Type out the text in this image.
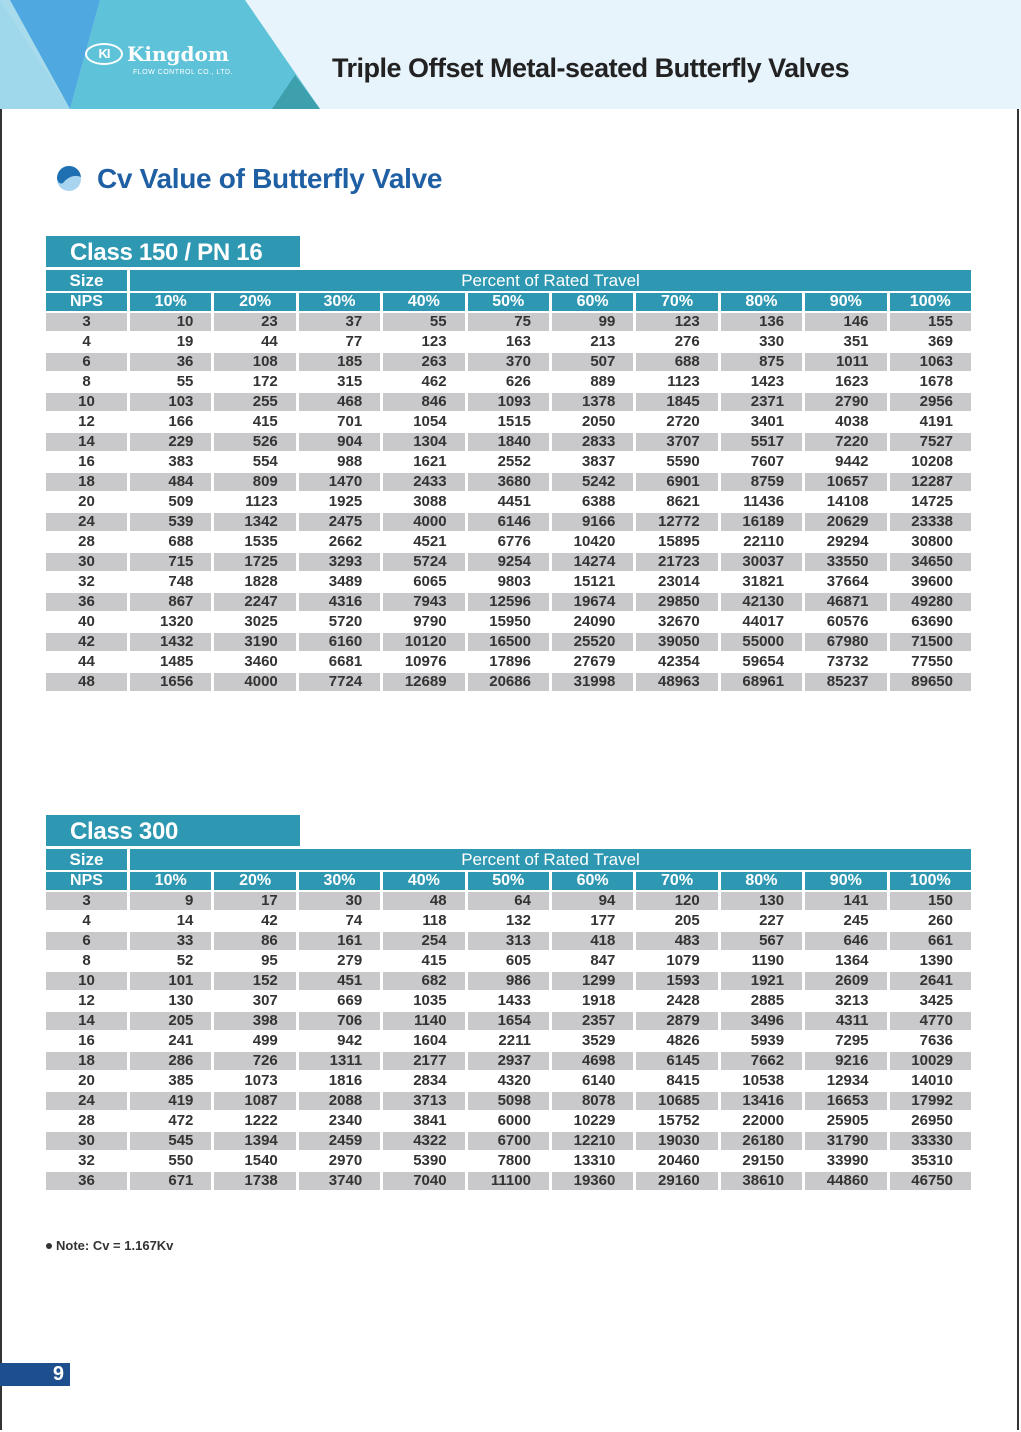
KI Kingdom
FLOW CONTROL CO., LTD.	Triple Offset Metal-seated Butterfly Valves
Cv Value of Butterfly Valve
Class 150 / PN 16
Size	Percent of Rated Travel									
NPS	10%	20%	30%	40%	50%	60%	70%	80%	90%	100%
3	10	23	37	55	75	99	123	136	146	155
4	19	44	77	123	163	213	276	330	351	369
6	36	108	185	263	370	507	688	875	1011	1063
8	55	172	315	462	626	889	1123	1423	1623	1678
10	103	255	468	846	1093	1378	1845	2371	2790	2956
12	166	415	701	1054	1515	2050	2720	3401	4038	4191
14	229	526	904	1304	1840	2833	3707	5517	7220	7527
16	383	554	988	1621	2552	3837	5590	7607	9442	10208
18	484	809	1470	2433	3680	5242	6901	8759	10657	12287
20	509	1123	1925	3088	4451	6388	8621	11436	14108	14725
24	539	1342	2475	4000	6146	9166	12772	16189	20629	23338
28	688	1535	2662	4521	6776	10420	15895	22110	29294	30800
30	715	1725	3293	5724	9254	14274	21723	30037	33550	34650
32	748	1828	3489	6065	9803	15121	23014	31821	37664	39600
36	867	2247	4316	7943	12596	19674	29850	42130	46871	49280
40	1320	3025	5720	9790	15950	24090	32670	44017	60576	63690
42	1432	3190	6160	10120	16500	25520	39050	55000	67980	71500
44	1485	3460	6681	10976	17896	27679	42354	59654	73732	77550
48	1656	4000	7724	12689	20686	31998	48963	68961	85237	89650
Class 300
Size	Percent of Rated Travel									
NPS	10%	20%	30%	40%	50%	60%	70%	80%	90%	100%
3	9	17	30	48	64	94	120	130	141	150
4	14	42	74	118	132	177	205	227	245	260
6	33	86	161	254	313	418	483	567	646	661
8	52	95	279	415	605	847	1079	1190	1364	1390
10	101	152	451	682	986	1299	1593	1921	2609	2641
12	130	307	669	1035	1433	1918	2428	2885	3213	3425
14	205	398	706	1140	1654	2357	2879	3496	4311	4770
16	241	499	942	1604	2211	3529	4826	5939	7295	7636
18	286	726	1311	2177	2937	4698	6145	7662	9216	10029
20	385	1073	1816	2834	4320	6140	8415	10538	12934	14010
24	419	1087	2088	3713	5098	8078	10685	13416	16653	17992
28	472	1222	2340	3841	6000	10229	15752	22000	25905	26950
30	545	1394	2459	4322	6700	12210	19030	26180	31790	33330
32	550	1540	2970	5390	7800	13310	20460	29150	33990	35310
36	671	1738	3740	7040	11100	19360	29160	38610	44860	46750
Note: Cv = 1.167Kv
9
